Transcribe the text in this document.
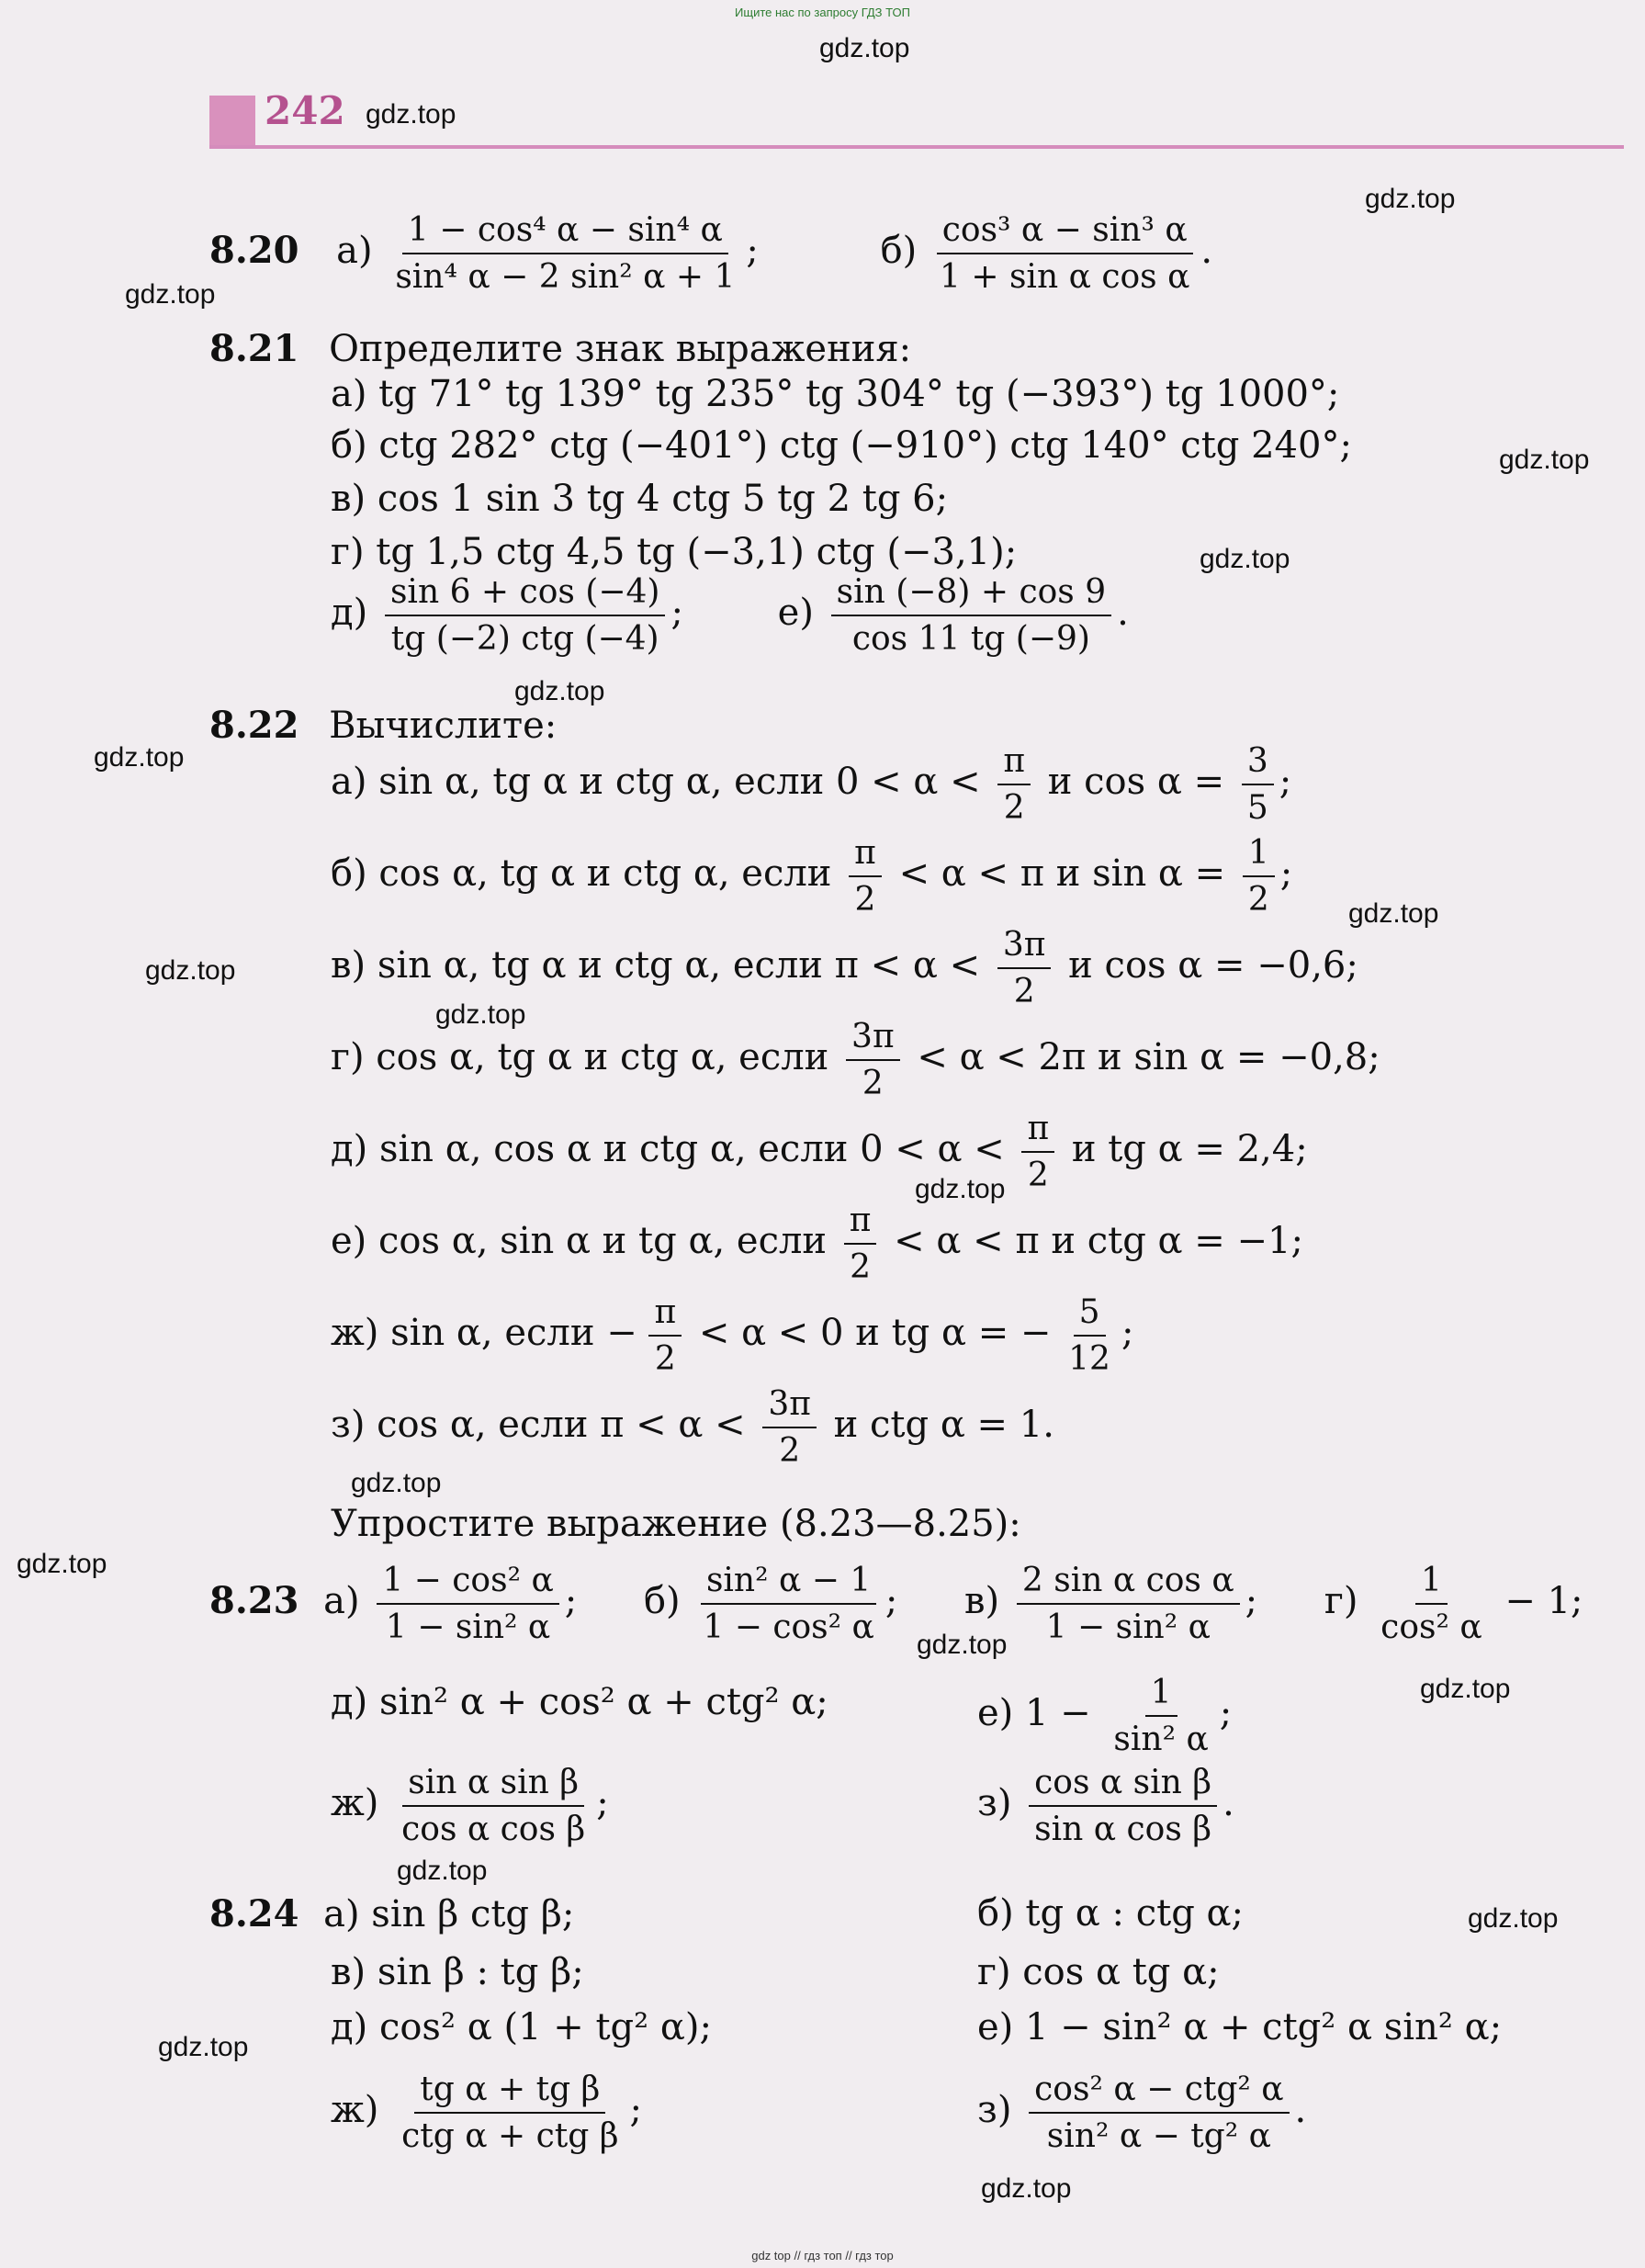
Ищите нас по запросу ГДЗ ТОП
242
gdz.top
gdz.top
gdz.top
gdz.top
gdz.top
gdz.top
gdz.top
gdz.top
gdz.top
gdz.top
gdz.top
gdz.top
gdz.top
gdz.top
gdz.top
gdz.top
gdz.top
gdz.top
gdz.top
gdz.top
8.20 $а) \frac{\text{1 − cos⁴ α − sin⁴ α}}{\text{sin⁴ α − 2 sin² α + 1}}$ ;	$б) \frac{\text{cos³ α − sin³ α}}{\text{1 + sin α cos α}}$ .
8.21 Определите знак выражения:
а) tg 71° tg 139° tg 235° tg 304° tg (−393°) tg 1000°;
б) ctg 282° ctg (−401°) ctg (−910°) ctg 140° ctg 240°;
в) cos 1 sin 3 tg 4 ctg 5 tg 2 tg 6;
г) tg 1,5 ctg 4,5 tg (−3,1) ctg (−3,1);
$д) \frac{\sin 6 + \cos (-4)}{\text{tg (−2) ctg (−4)}}$ ;	$е) \frac{\sin (-8) + \cos 9}{\cos 11 tg (-9)}$ .
8.22 Вычислите:
а) sin α, tg α и ctg α, если $0 < \alpha < \frac{\pi}{2}$ и $\cos \alpha = \frac{3}{5}$ ;
б) cos α, tg α и ctg α, если $\frac{\pi}{2} < \alpha < \pi$ и $\sin \alpha = \frac{1}{2}$ ;
в) sin α, tg α и ctg α, если $\pi < \alpha < \frac{3\pi}{2}$ и cos α = −0,6;
г) cos α, tg α и ctg α, если $\frac{3\pi}{2} < \alpha < 2\pi$ и sin α = −0,8;
д) sin α, cos α и ctg α, если $0 < \alpha < \frac{\pi}{2}$ и tg α = 2,4;
е) cos α, sin α и tg α, если $\frac{\pi}{2} < \alpha < \pi$ и ctg α = −1;
ж) sin α, если − $\frac{\pi}{2} < \alpha < 0$ и tg α = − $\frac{5}{12}$ ;
з) cos α, если $\pi < \alpha < \frac{3\pi}{2}$ и ctg α = 1.
Упростите выражение (8.23—8.25):
8.23 $а) \frac{\text{1 − cos² α}}{\text{1 − sin² α}}$ ; $б) \frac{\text{sin² α − 1}}{\text{1 − cos² α}}$ ; $в) \frac{\text{2 sin α cos α}}{\text{1 − sin² α}}$ ; $г) \frac{1}{\text{cos² α}} - 1$;
д) sin² α + cos² α + ctg² α;	е) $1 - \frac{1}{\text{sin² α}}$ ;
$ж) \frac{\text{sin α sin β}}{\text{cos α cos β}}$ ;	$з) \frac{\text{cos α sin β}}{\text{sin α cos β}}$ .
8.24 а) sin β ctg β;	б) tg α : ctg α;
в) sin β : tg β;	г) cos α tg α;
д) cos² α (1 + tg² α);	е) 1 − sin² α + ctg² α sin² α;
$ж) \frac{\text{tg α + tg β}}{\text{ctg α + ctg β}}$ ;	$з) \frac{\text{cos² α − ctg² α}}{\text{sin² α − tg² α}}$ .
gdz top // гдз топ // гдз тор
